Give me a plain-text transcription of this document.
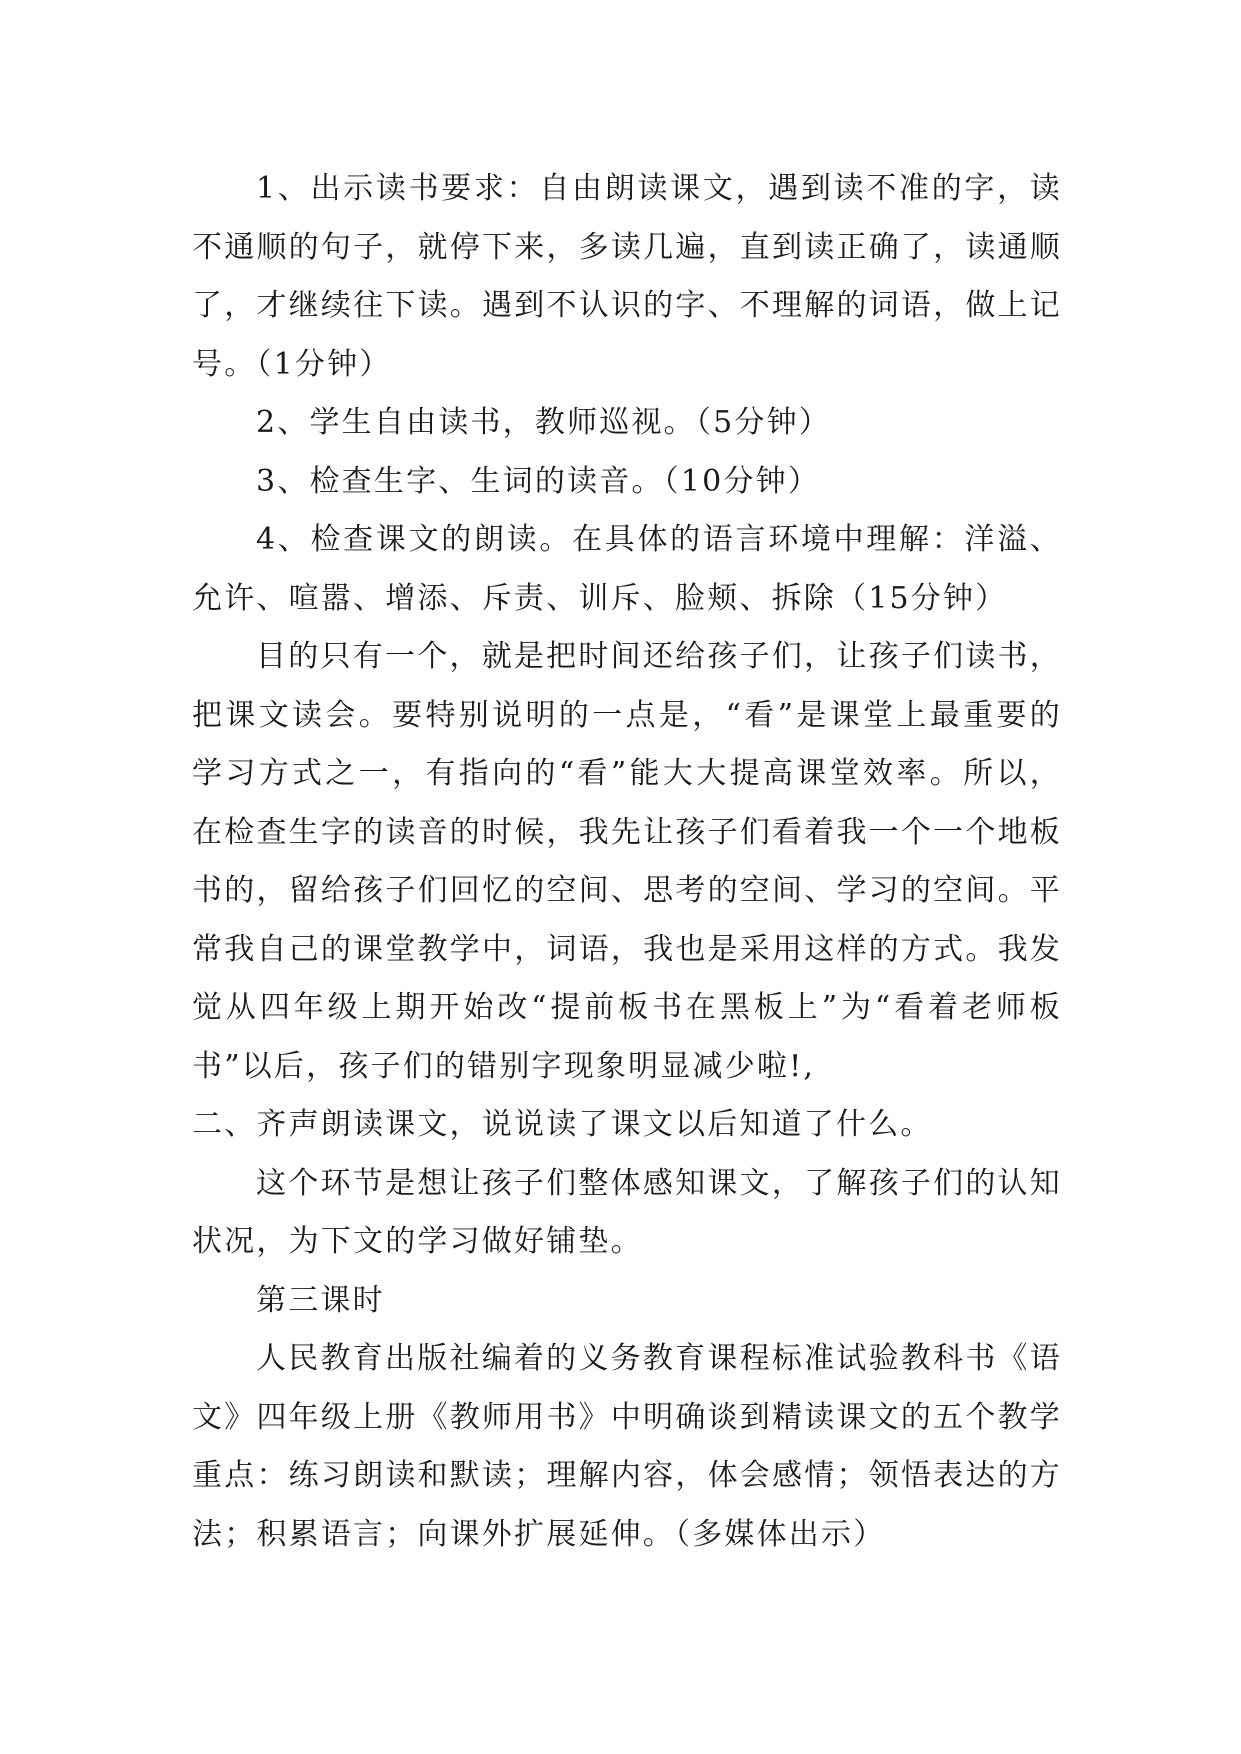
1、出示读书要求：自由朗读课文，遇到读不准的字，读不通顺的句子，就停下来，多读几遍，直到读正确了，读通顺了，才继续往下读。遇到不认识的字、不理解的词语，做上记号。（1分钟）

2、学生自由读书，教师巡视。（5分钟）

3、检查生字、生词的读音。（10分钟）

4、检查课文的朗读。在具体的语言环境中理解：洋溢、允许、喧嚣、增添、斥责、训斥、脸颊、拆除（15分钟）

目的只有一个，就是把时间还给孩子们，让孩子们读书，把课文读会。要特别说明的一点是，“看”是课堂上最重要的学习方式之一，有指向的“看”能大大提高课堂效率。所以，在检查生字的读音的时候，我先让孩子们看着我一个一个地板书的，留给孩子们回忆的空间、思考的空间、学习的空间。平常我自己的课堂教学中，词语，我也是采用这样的方式。我发觉从四年级上期开始改“提前板书在黑板上”为“看着老师板书”以后，孩子们的错别字现象明显减少啦!,

二、齐声朗读课文，说说读了课文以后知道了什么。

这个环节是想让孩子们整体感知课文，了解孩子们的认知状况，为下文的学习做好铺垫。

第三课时

人民教育出版社编着的义务教育课程标准试验教科书《语文》四年级上册《教师用书》中明确谈到精读课文的五个教学重点：练习朗读和默读；理解内容，体会感情；领悟表达的方法；积累语言；向课外扩展延伸。（多媒体出示）
